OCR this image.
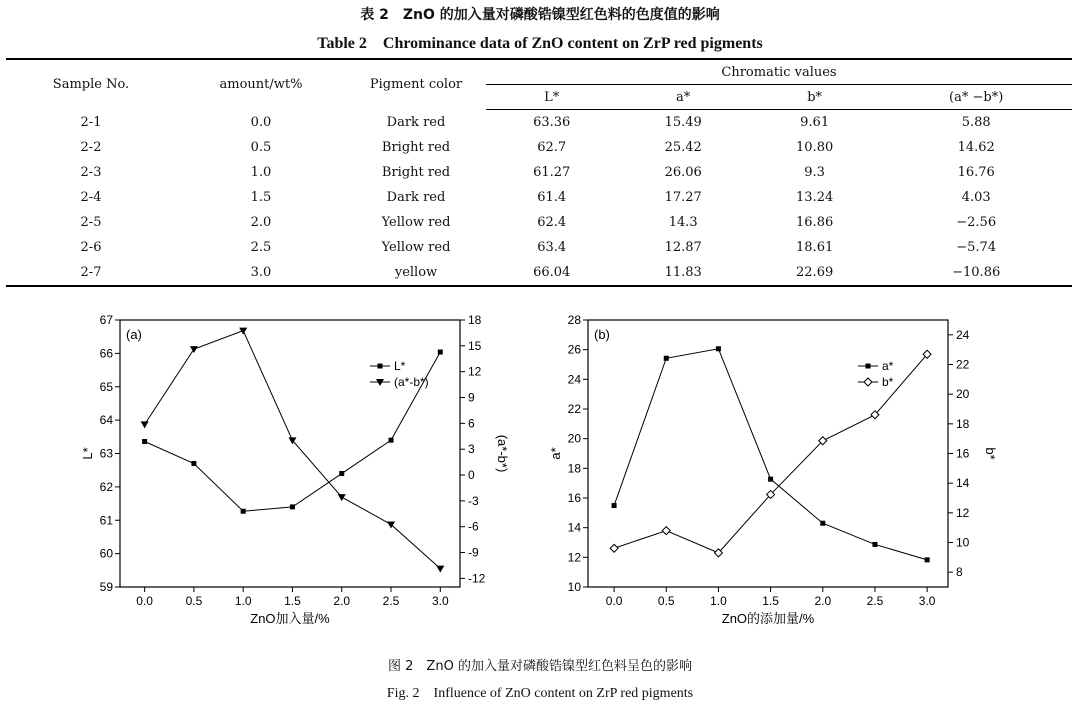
表 2　ZnO 的加入量对磷酸锆镍型红色料的色度值的影响
Table 2　Chrominance data of ZnO content on ZrP red pigments
Sample No.	amount/wt%	Pigment color	Chromatic values			
			L*	a*	b*	(a* −b*)
2-1	0.0	Dark red	63.36	15.49	9.61	5.88
2-2	0.5	Bright red	62.7	25.42	10.80	14.62
2-3	1.0	Bright red	61.27	26.06	9.3	16.76
2-4	1.5	Dark red	61.4	17.27	13.24	4.03
2-5	2.0	Yellow red	62.4	14.3	16.86	−2.56
2-6	2.5	Yellow red	63.4	12.87	18.61	−5.74
2-7	3.0	yellow	66.04	11.83	22.69	−10.86
0.0	0.5	1.0	1.5	2.0	2.5	3.0
59
60
61
62
63
64
65
66
67
-12
-9
-6
-3
0
3
6
9
12
15
18
(a)
ZnO加入量/%
L*	(a*-b*)
L*
(a*-b*)
0.0	0.5	1.0	1.5	2.0	2.5	3.0
10
12
14
16
18
20
22
24
26
28
8
10
12
14
16
18
20
22
24
(b)
ZnO的添加量/%
a*	b*
a*
b*
图 2　ZnO 的加入量对磷酸锆镍型红色料呈色的影响
Fig. 2　Influence of ZnO content on ZrP red pigments
